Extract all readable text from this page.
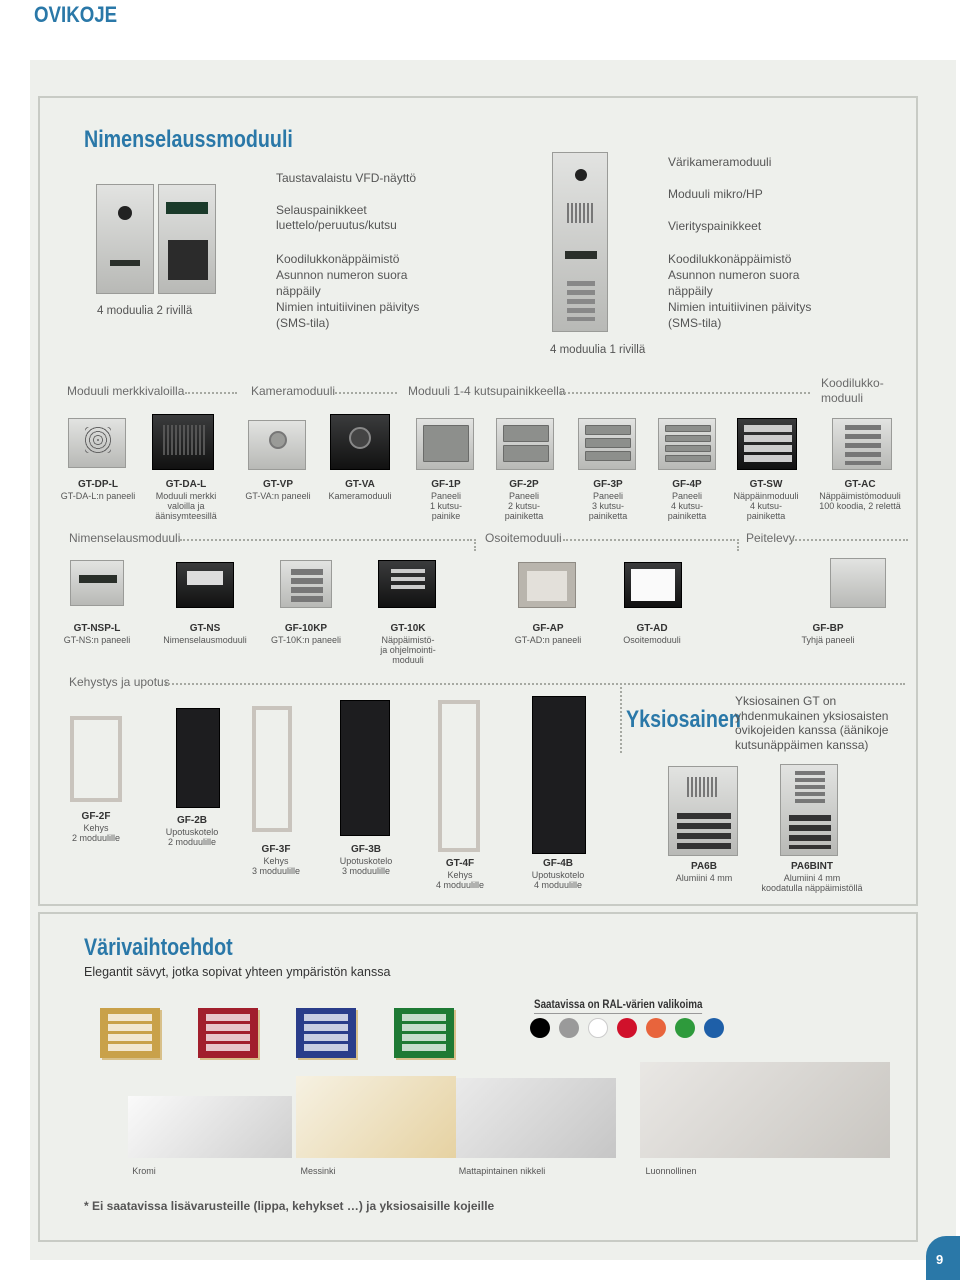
OVIKOJE
Nimenselaussmoduuli
4 moduulia 2 rivillä
Taustavalaistu VFD-näyttö
Selauspainikkeet
luettelo/peruutus/kutsu
Koodilukkonäppäimistö
Asunnon numeron suora
näppäily
Nimien intuitiivinen päivitys
(SMS-tila)
4 moduulia 1 rivillä
Värikameramoduuli
Moduuli mikro/HP
Vierityspainikkeet
Koodilukkonäppäimistö
Asunnon numeron suora
näppäily
Nimien intuitiivinen päivitys
(SMS-tila)
Moduuli merkkivaloilla	Kameramoduuli	Moduuli 1-4 kutsupainikkeella
Koodilukko-
moduuli
GT-DP-L
GT-DA-L:n paneeli
GT-DA-L
Moduuli merkki
valoilla ja
äänisymteesillä
GT-VP
GT-VA:n paneeli
GT-VA
Kameramoduuli
GF-1P
Paneeli
1 kutsu-
painike
GF-2P
Paneeli
2 kutsu-
painiketta
GF-3P
Paneeli
3 kutsu-
painiketta
GF-4P
Paneeli
4 kutsu-
painiketta
GT-SW
Näppäinmoduuli
4 kutsu-
painiketta
GT-AC
Näppäimistömoduuli
100 koodia, 2 relettä
Nimenselausmoduuli	Osoitemoduuli	Peitelevy
GT-NSP-L
GT-NS:n paneeli
GT-NS
Nimenselausmoduuli
GF-10KP
GT-10K:n paneeli
GT-10K
Näppäimistö-
ja ohjelmointi-
moduuli
GF-AP
GT-AD:n paneeli
GT-AD
Osoitemoduuli
GF-BP
Tyhjä paneeli
Kehystys ja upotus
GF-2F
Kehys
2 moduulille
GF-2B
Upotuskotelo
2 moduulille
GF-3F
Kehys
3 moduulille
GF-3B
Upotuskotelo
3 moduulille
GT-4F
Kehys
4 moduulille
GF-4B
Upotuskotelo
4 moduulille
PA6B
Alumiini 4 mm
PA6BINT
Alumiini 4 mm
koodatulla näppäimistöllä
Yksiosainen
Yksiosainen GT on
yhdenmukainen yksiosaisten
ovikojeiden kanssa (äänikoje
kutsunäppäimen kanssa)
Värivaihtoehdot
Elegantit sävyt, jotka sopivat yhteen ympäristön kanssa
Saatavissa on RAL-värien valikoima
Kromi	Messinki	Mattapintainen nikkeli	Luonnollinen
* Ei saatavissa lisävarusteille (lippa, kehykset …) ja yksiosaisille kojeille
9
